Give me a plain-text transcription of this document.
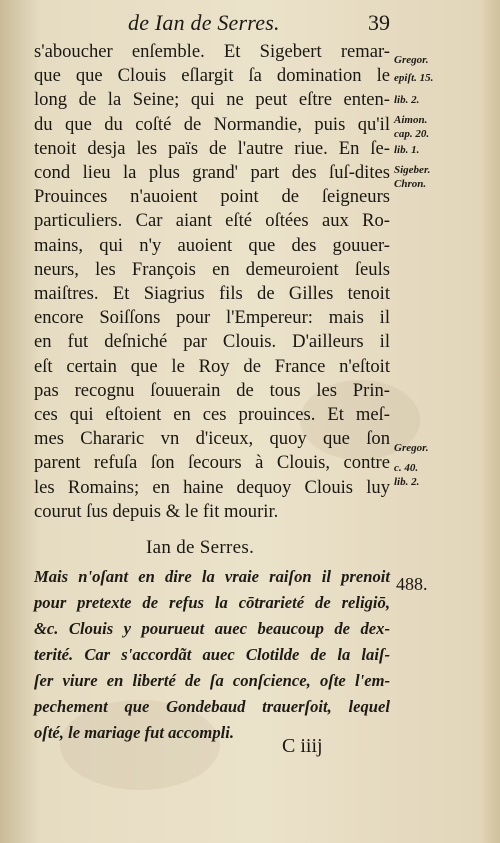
de Ian de Serres.	39
s'aboucher enſemble. Et Sigebert remar-
que que Clouis eſlargit ſa domination le
long de la Seine; qui ne peut eſtre enten-
du que du coſté de Normandie, puis qu'il
tenoit desja les païs de l'autre riue. En ſe-
cond lieu la plus grand' part des ſuſ-dites
Prouinces n'auoient point de ſeigneurs
particuliers. Car aiant eſté oſtées aux Ro-
mains, qui n'y auoient que des gouuer-
neurs, les François en demeuroient ſeuls
maiſtres. Et Siagrius fils de Gilles tenoit
encore Soiſſons pour l'Empereur: mais il
en fut deſniché par Clouis. D'ailleurs il
eſt certain que le Roy de France n'eſtoit
pas recognu ſouuerain de tous les Prin-
ces qui eſtoient en ces prouinces. Et meſ-
mes Chararic vn d'iceux, quoy que ſon
parent refuſa ſon ſecours à Clouis, contre
les Romains; en haine dequoy Clouis luy
courut ſus depuis & le fit mourir.
Ian de Serres.
Mais n'oſant en dire la vraie raiſon il prenoit
pour pretexte de refus la cōtrarieté de religiō,
&c. Clouis y pourueut auec beaucoup de dex-
terité. Car s'accordãt auec Clotilde de la laiſ-
ſer viure en liberté de ſa conſcience, oſte l'em-
pechement que Gondebaud trauerſoit, lequel
oſté, le mariage fut accompli.
488.
Gregor.
epiſt. 15.
lib. 2.
Aimon.
cap. 20.
lib. 1.
Sigeber.
Chron.
Gregor.
c. 40.
lib. 2.
C iiij
